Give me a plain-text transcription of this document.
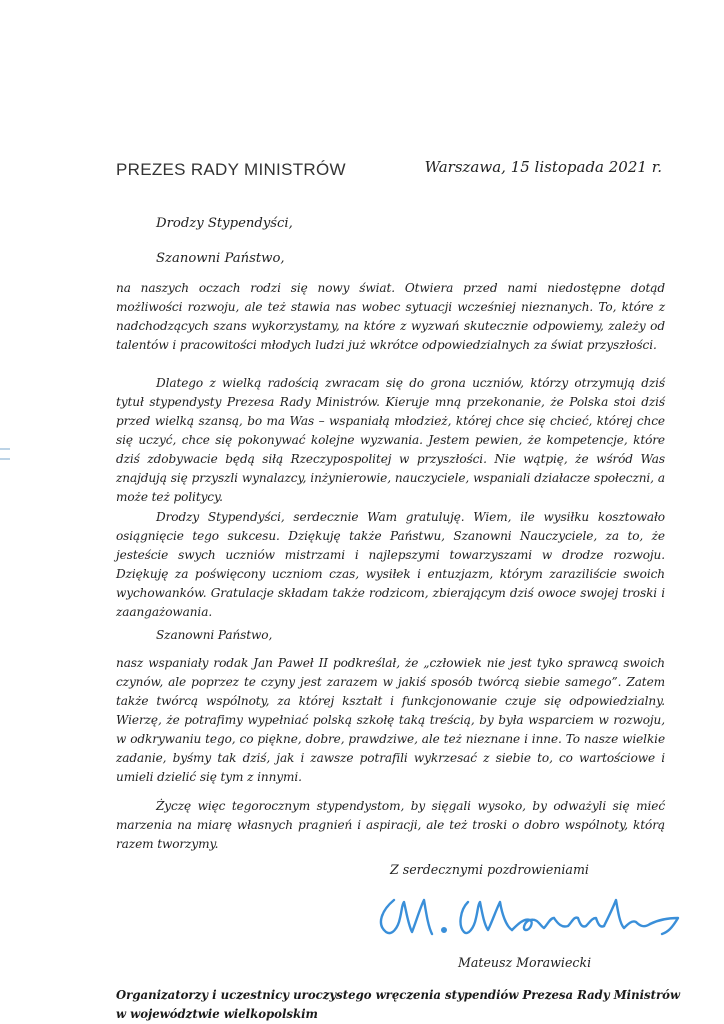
PREZES RADY MINISTRÓW	Warszawa, 15 listopada 2021 r.
Drodzy Stypendyści,
Szanowni Państwo,

na naszych oczach rodzi się nowy świat. Otwiera przed nami niedostępne dotąd możliwości rozwoju, ale też stawia nas wobec sytuacji wcześniej nieznanych. To, które z nadchodzących szans wykorzystamy, na które z wyzwań skutecznie odpowiemy, zależy od talentów i pracowitości młodych ludzi już wkrótce odpowiedzialnych za świat przyszłości.

Dlatego z wielką radością zwracam się do grona uczniów, którzy otrzymują dziś tytuł stypendysty Prezesa Rady Ministrów. Kieruje mną przekonanie, że Polska stoi dziś przed wielką szansą, bo ma Was – wspaniałą młodzież, której chce się chcieć, której chce się uczyć, chce się pokonywać kolejne wyzwania. Jestem pewien, że kompetencje, które dziś zdobywacie będą siłą Rzeczypospolitej w przyszłości. Nie wątpię, że wśród Was znajdują się przyszli wynalazcy, inżynierowie, nauczyciele, wspaniali działacze społeczni, a może też politycy.

Drodzy Stypendyści, serdecznie Wam gratuluję. Wiem, ile wysiłku kosztowało osiągnięcie tego sukcesu. Dziękuję także Państwu, Szanowni Nauczyciele, za to, że jesteście swych uczniów mistrzami i najlepszymi towarzyszami w drodze rozwoju. Dziękuję za poświęcony uczniom czas, wysiłek i entuzjazm, którym zaraziliście swoich wychowanków. Gratulacje składam także rodzicom, zbierającym dziś owoce swojej troski i zaangażowania.

Szanowni Państwo,

nasz wspaniały rodak Jan Paweł II podkreślał, że „człowiek nie jest tyko sprawcą swoich czynów, ale poprzez te czyny jest zarazem w jakiś sposób twórcą siebie samego”. Zatem także twórcą wspólnoty, za której kształt i funkcjonowanie czuje się odpowiedzialny. Wierzę, że potrafimy wypełniać polską szkołę taką treścią, by była wsparciem w rozwoju, w odkrywaniu tego, co piękne, dobre, prawdziwe, ale też nieznane i inne. To nasze wielkie zadanie, byśmy tak dziś, jak i zawsze potrafili wykrzesać z siebie to, co wartościowe i umieli dzielić się tym z innymi.

Życzę więc tegorocznym stypendystom, by sięgali wysoko, by odważyli się mieć marzenia na miarę własnych pragnień i aspiracji, ale też troski o dobro wspólnoty, którą razem tworzymy.

Z serdecznymi pozdrowieniami
Mateusz Morawiecki
Organizatorzy i uczestnicy uroczystego wręczenia stypendiów Prezesa Rady Ministrów
w województwie wielkopolskim
